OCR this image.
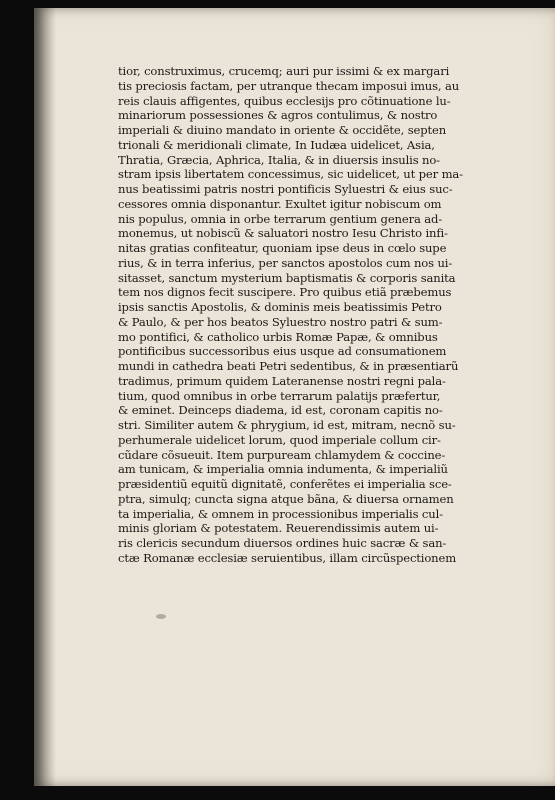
tior, construximus, crucemq; auri pur issimi & ex margari
tis preciosis factam, per utranque thecam imposui imus, au
reis clauis affigentes, quibus ecclesijs pro cõtinuatione lu-
minariorum possessiones & agros contulimus, & nostro
imperiali & diuino mandato in oriente & occidẽte, septen
trionali & meridionali climate, In Iudæa uidelicet, Asia,
Thratia, Græcia, Aphrica, Italia, & in diuersis insulis no-
stram ipsis libertatem concessimus, sic uidelicet, ut per ma-
nus beatissimi patris nostri pontificis Syluestri & eius suc-
cessores omnia disponantur. Exultet igitur nobiscum om
nis populus, omnia in orbe terrarum gentium genera ad-
monemus, ut nobiscũ & saluatori nostro Iesu Christo infi-
nitas gratias confiteatur, quoniam ipse deus in cœlo supe
rius, & in terra inferius, per sanctos apostolos cum nos ui-
sitasset, sanctum mysterium baptismatis & corporis sanita
tem nos dignos fecit suscipere. Pro quibus etiã præbemus
ipsis sanctis Apostolis, & dominis meis beatissimis Petro
& Paulo, & per hos beatos Syluestro nostro patri & sum-
mo pontifici, & catholico urbis Romæ Papæ, & omnibus
pontificibus successoribus eius usque ad consumationem
mundi in cathedra beati Petri sedentibus, & in præsentiarũ
tradimus, primum quidem Lateranense nostri regni pala-
tium, quod omnibus in orbe terrarum palatijs præfertur,
& eminet. Deinceps diadema, id est, coronam capitis no-
stri. Similiter autem & phrygium, id est, mitram, necnõ su-
perhumerale uidelicet lorum, quod imperiale collum cir-
cũdare cõsueuit. Item purpuream chlamydem & coccine-
am tunicam, & imperialia omnia indumenta, & imperialiũ
præsidentiũ equitũ dignitatẽ, conferẽtes ei imperialia sce-
ptra, simulq; cuncta signa atque bãna, & diuersa ornamen
ta imperialia, & omnem in processionibus imperialis cul-
minis gloriam & potestatem. Reuerendissimis autem ui-
ris clericis secundum diuersos ordines huic sacræ & san-
ctæ Romanæ ecclesiæ seruientibus, illam circũspectionem
